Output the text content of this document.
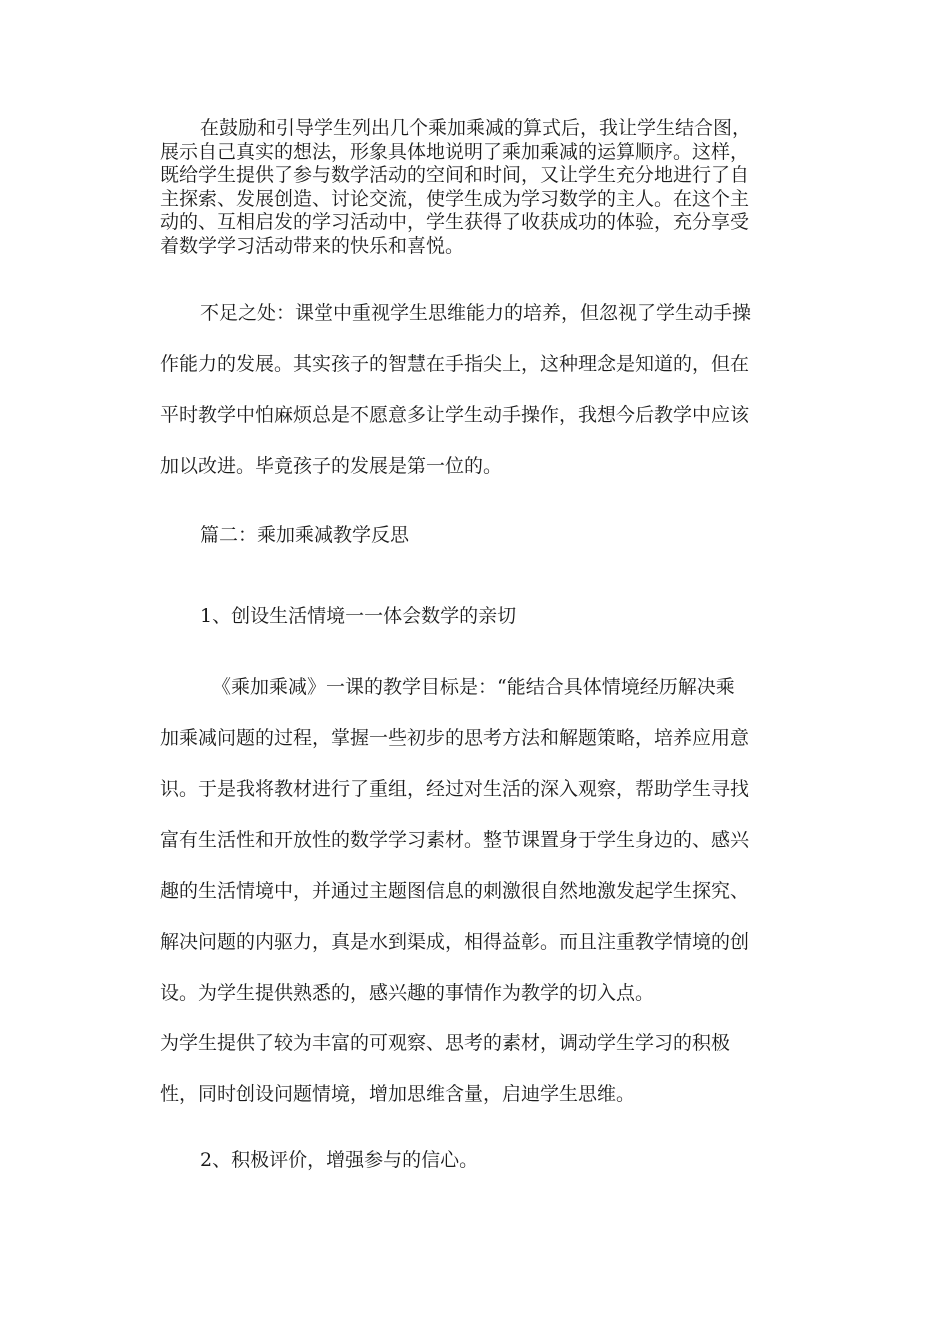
在鼓励和引导学生列出几个乘加乘减的算式后，我让学生结合图，
展示自己真实的想法，形象具体地说明了乘加乘减的运算顺序。这样，
既给学生提供了参与数学活动的空间和时间，又让学生充分地进行了自
主探索、发展创造、讨论交流，使学生成为学习数学的主人。在这个主
动的、互相启发的学习活动中，学生获得了收获成功的体验，充分享受
着数学学习活动带来的快乐和喜悦。
不足之处：课堂中重视学生思维能力的培养，但忽视了学生动手操
作能力的发展。其实孩子的智慧在手指尖上，这种理念是知道的，但在
平时教学中怕麻烦总是不愿意多让学生动手操作，我想今后教学中应该
加以改进。毕竟孩子的发展是第一位的。
篇二：乘加乘减教学反思
1、创设生活情境一一体会数学的亲切
《乘加乘减》一课的教学目标是：“能结合具体情境经历解决乘
加乘减问题的过程，掌握一些初步的思考方法和解题策略，培养应用意
识。于是我将教材进行了重组，经过对生活的深入观察，帮助学生寻找
富有生活性和开放性的数学学习素材。整节课置身于学生身边的、感兴
趣的生活情境中，并通过主题图信息的刺激很自然地激发起学生探究、
解决问题的内驱力，真是水到渠成，相得益彰。而且注重教学情境的创
设。为学生提供熟悉的，感兴趣的事情作为教学的切入点。
为学生提供了较为丰富的可观察、思考的素材，调动学生学习的积极
性，同时创设问题情境，增加思维含量，启迪学生思维。
2、积极评价，增强参与的信心。
